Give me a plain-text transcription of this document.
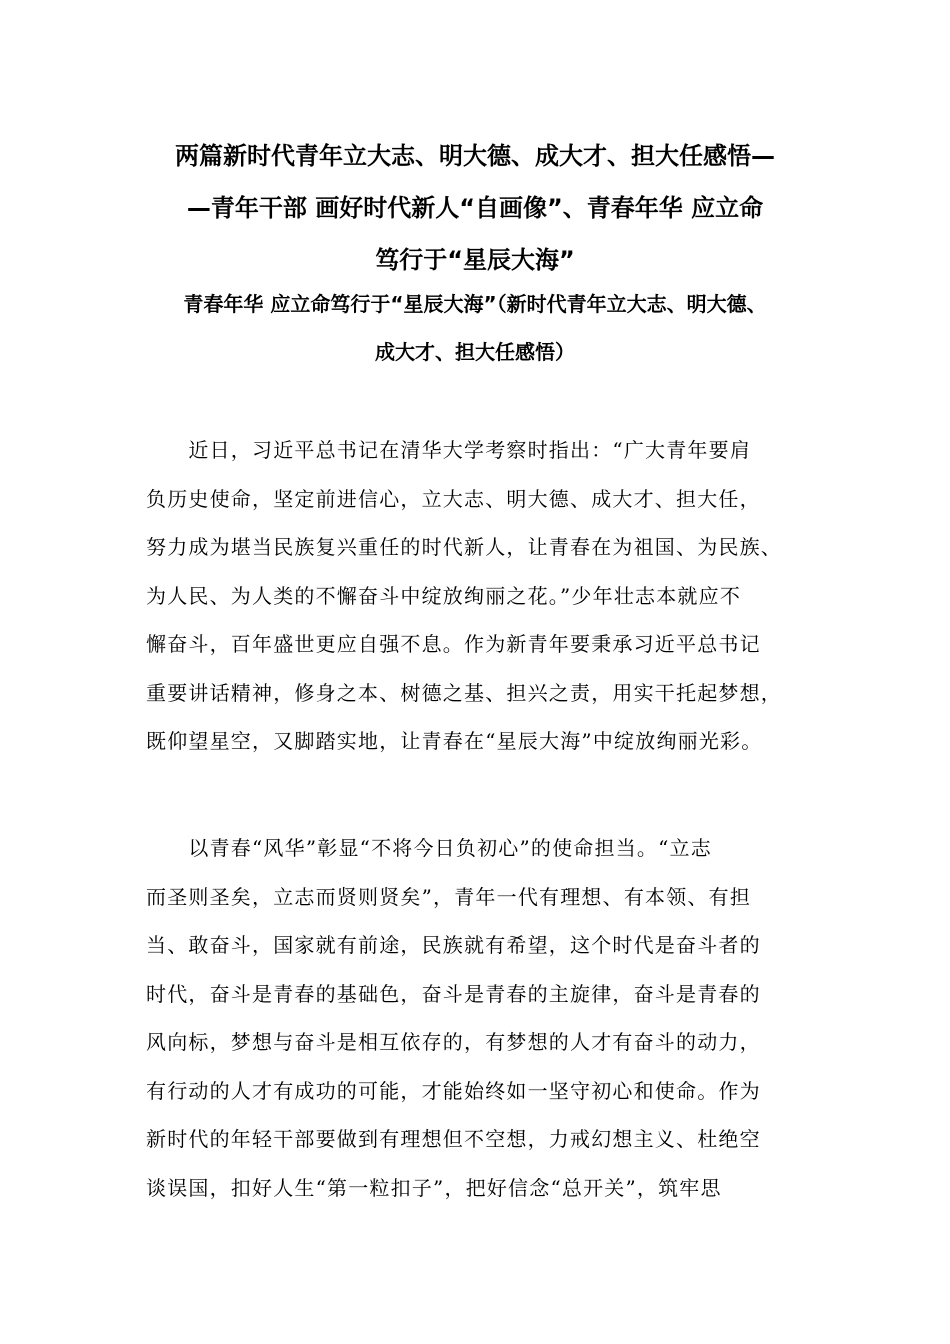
两篇新时代青年立大志、明大德、成大才、担大任感悟—
—青年干部 画好时代新人“自画像”、青春年华 应立命
笃行于“星辰大海”
青春年华 应立命笃行于“星辰大海”（新时代青年立大志、明大德、
成大才、担大任感悟）
　　近日，习近平总书记在清华大学考察时指出：“广大青年要肩
负历史使命，坚定前进信心，立大志、明大德、成大才、担大任，
努力成为堪当民族复兴重任的时代新人，让青春在为祖国、为民族、
为人民、为人类的不懈奋斗中绽放绚丽之花。”少年壮志本就应不
懈奋斗，百年盛世更应自强不息。作为新青年要秉承习近平总书记
重要讲话精神，修身之本、树德之基、担兴之责，用实干托起梦想，
既仰望星空，又脚踏实地，让青春在“星辰大海”中绽放绚丽光彩。
　　以青春“风华”彰显“不将今日负初心”的使命担当。“立志
而圣则圣矣，立志而贤则贤矣”，青年一代有理想、有本领、有担
当、敢奋斗，国家就有前途，民族就有希望，这个时代是奋斗者的
时代，奋斗是青春的基础色，奋斗是青春的主旋律，奋斗是青春的
风向标，梦想与奋斗是相互依存的，有梦想的人才有奋斗的动力，
有行动的人才有成功的可能，才能始终如一坚守初心和使命。作为
新时代的年轻干部要做到有理想但不空想，力戒幻想主义、杜绝空
谈误国，扣好人生“第一粒扣子”，把好信念“总开关”，筑牢思
